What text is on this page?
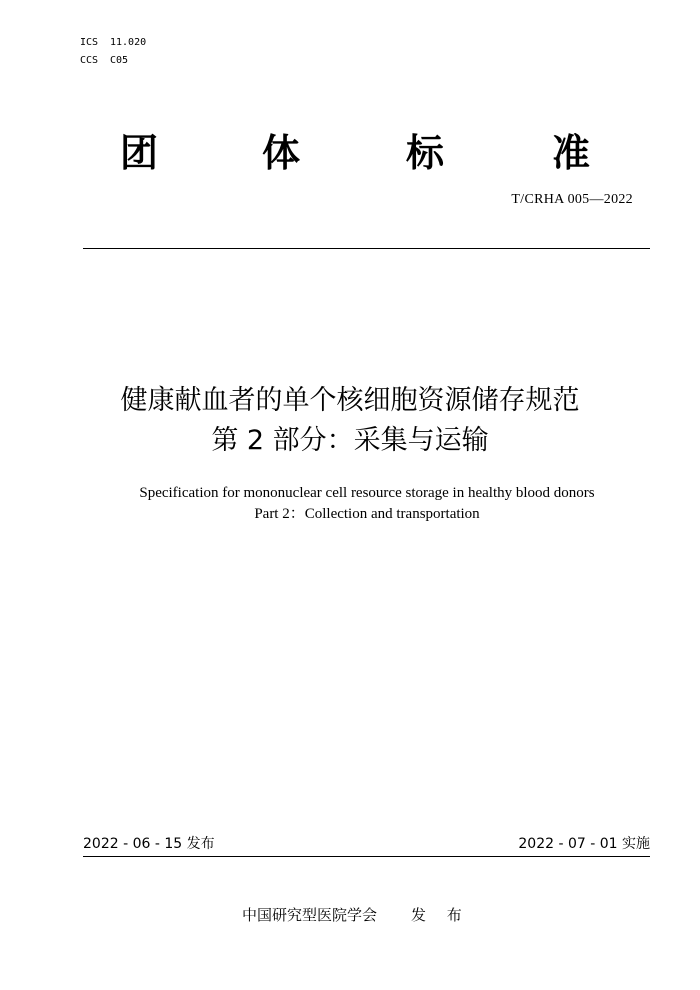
ICS	11.020
CCS	C05
团	体	标	准
T/CRHA 005—2022
健康献血者的单个核细胞资源储存规范
第 2 部分：采集与运输
Specification for mononuclear cell resource storage in healthy blood donors
Part 2：Collection and transportation
2022 - 06 - 15 发布	2022 - 07 - 01 实施
中国研究型医院学会 发 布
